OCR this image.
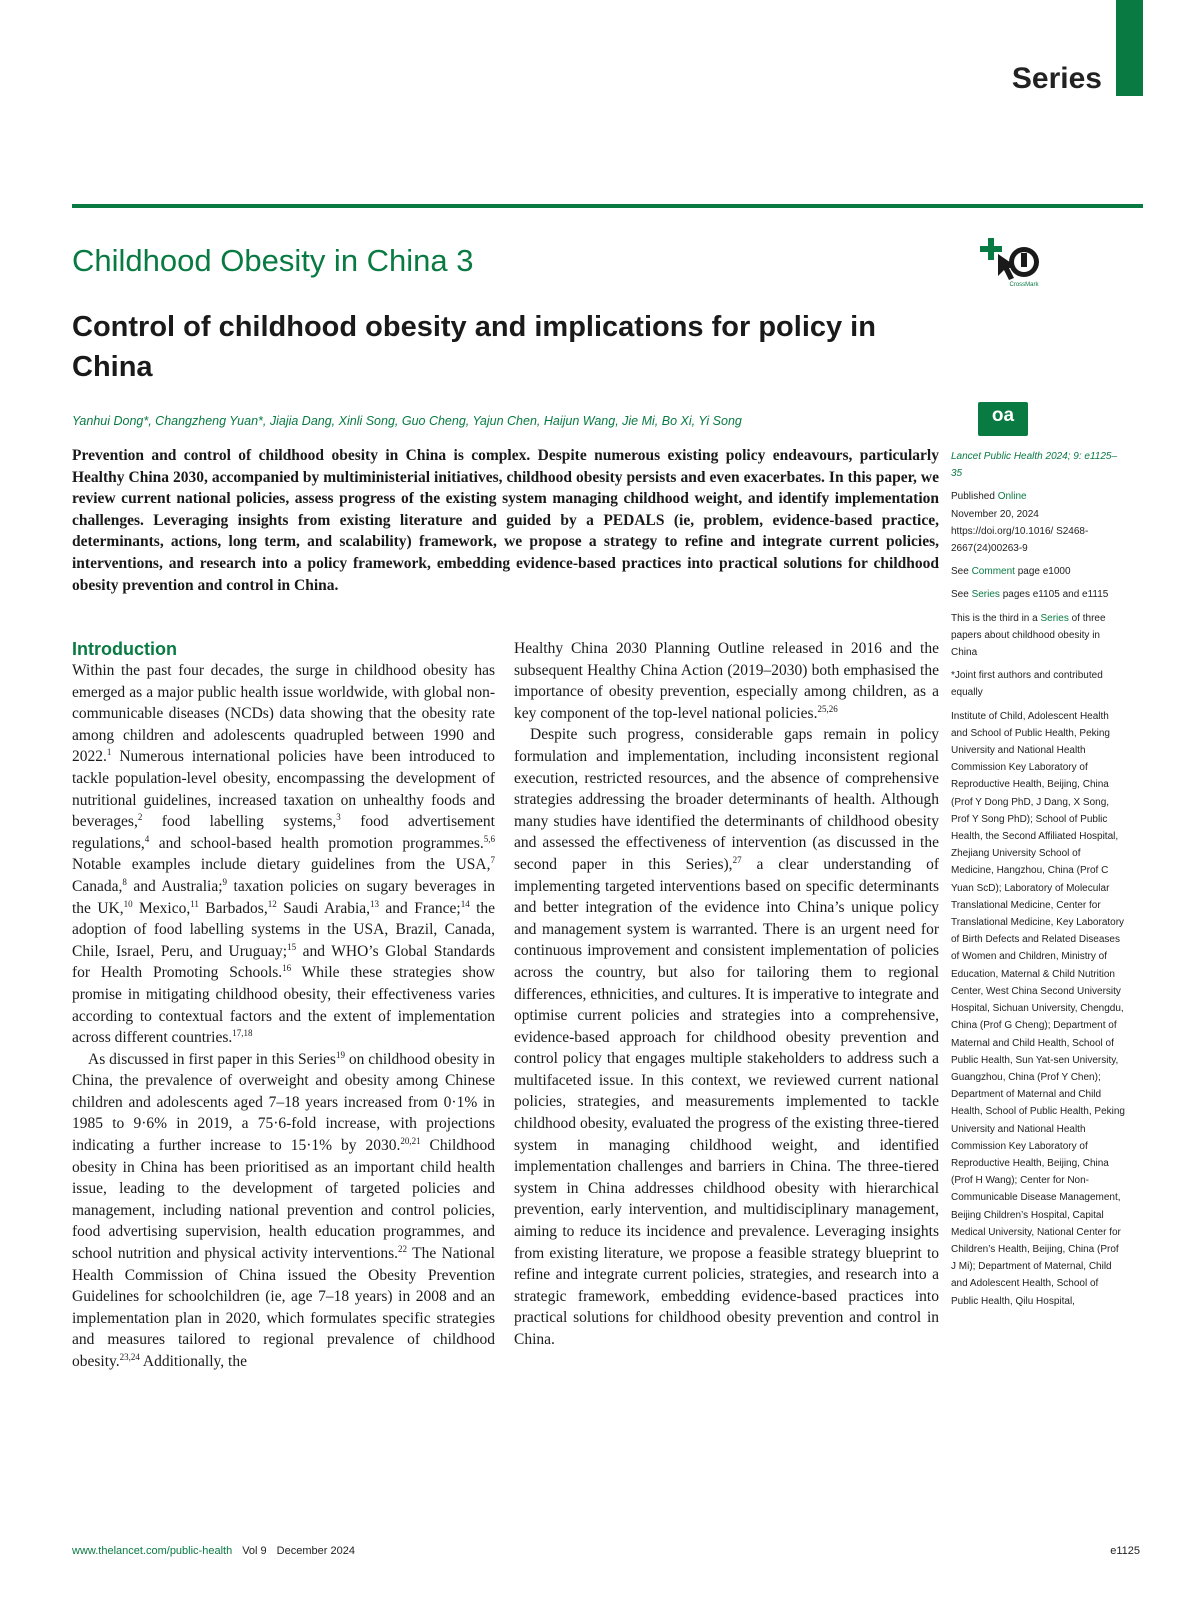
Series
Childhood Obesity in China 3
CrossMark
Control of childhood obesity and implications for policy in China
Yanhui Dong*, Changzheng Yuan*, Jiajia Dang, Xinli Song, Guo Cheng, Yajun Chen, Haijun Wang, Jie Mi, Bo Xi, Yi Song	oa

Prevention and control of childhood obesity in China is complex. Despite numerous existing policy endeavours, particularly Healthy China 2030, accompanied by multiministerial initiatives, childhood obesity persists and even exacerbates. In this paper, we review current national policies, assess progress of the existing system managing childhood weight, and identify implementation challenges. Leveraging insights from existing literature and guided by a PEDALS (ie, problem, evidence-based practice, determinants, actions, long term, and scalability) framework, we propose a strategy to refine and integrate current policies, interventions, and research into a policy framework, embedding evidence-based practices into practical solutions for childhood obesity prevention and control in China.

Introduction

Within the past four decades, the surge in childhood obesity has emerged as a major public health issue worldwide, with global non-communicable diseases (NCDs) data showing that the obesity rate among children and adolescents quadrupled between 1990 and 2022.$^1$ Numerous international policies have been introduced to tackle population-level obesity, encompassing the development of nutritional guidelines, increased taxation on unhealthy foods and beverages,$^2$ food labelling systems,$^3$ food advertisement regulations,$^4$ and school-based health promotion programmes.$^{5,6}$ Notable examples include dietary guidelines from the USA,$^7$ Canada,$^8$ and Australia;$^9$ taxation policies on sugary beverages in the UK,$^{10}$ Mexico,$^{11}$ Barbados,$^{12}$ Saudi Arabia,$^{13}$ and France;$^{14}$ the adoption of food labelling systems in the USA, Brazil, Canada, Chile, Israel, Peru, and Uruguay;$^{15}$ and WHO’s Global Standards for Health Promoting Schools.$^{16}$ While these strategies show promise in mitigating childhood obesity, their effectiveness varies according to contextual factors and the extent of implementation across different countries.$^{17,18}$

As discussed in first paper in this Series$^{19}$ on childhood obesity in China, the prevalence of overweight and obesity among Chinese children and adolescents aged 7–18 years increased from 0·1% in 1985 to 9·6% in 2019, a 75·6-fold increase, with projections indicating a further increase to 15·1% by 2030.$^{20,21}$ Childhood obesity in China has been prioritised as an important child health issue, leading to the development of targeted policies and management, including national prevention and control policies, food advertising supervision, health education programmes, and school nutrition and physical activity interventions.$^{22}$ The National Health Commission of China issued the Obesity Prevention Guidelines for schoolchildren (ie, age 7–18 years) in 2008 and an implementation plan in 2020, which formulates specific strategies and measures tailored to regional prevalence of childhood obesity.$^{23,24}$ Additionally, the

Healthy China 2030 Planning Outline released in 2016 and the subsequent Healthy China Action (2019–2030) both emphasised the importance of obesity prevention, especially among children, as a key component of the top-level national policies.$^{25,26}$

Despite such progress, considerable gaps remain in policy formulation and implementation, including inconsistent regional execution, restricted resources, and the absence of comprehensive strategies addressing the broader determinants of health. Although many studies have identified the determinants of childhood obesity and assessed the effectiveness of intervention (as discussed in the second paper in this Series),$^{27}$ a clear understanding of implementing targeted interventions based on specific determinants and better integration of the evidence into China’s unique policy and management system is warranted. There is an urgent need for continuous improvement and consistent implementation of policies across the country, but also for tailoring them to regional differences, ethnicities, and cultures. It is imperative to integrate and optimise current policies and strategies into a comprehensive, evidence-based approach for childhood obesity prevention and control policy that engages multiple stakeholders to address such a multifaceted issue. In this context, we reviewed current national policies, strategies, and measurements implemented to tackle childhood obesity, evaluated the progress of the existing three-tiered system in managing childhood weight, and identified implementation challenges and barriers in China. The three-tiered system in China addresses childhood obesity with hierarchical prevention, early intervention, and multidisciplinary management, aiming to reduce its incidence and prevalence. Leveraging insights from existing literature, we propose a feasible strategy blueprint to refine and integrate current policies, strategies, and research into a strategic framework, embedding evidence-based practices into practical solutions for childhood obesity prevention and control in China.

Lancet Public Health 2024; 9: e1125–35

Published Online
November 20, 2024 https://doi.org/10.1016/ S2468-2667(24)00263-9

See Comment page e1000

See Series pages e1105 and e1115

This is the third in a Series of three papers about childhood obesity in China

*Joint first authors and contributed equally

Institute of Child, Adolescent Health and School of Public Health, Peking University and National Health Commission Key Laboratory of Reproductive Health, Beijing, China (Prof Y Dong PhD, J Dang, X Song, Prof Y Song PhD); School of Public Health, the Second Affiliated Hospital, Zhejiang University School of Medicine, Hangzhou, China (Prof C Yuan ScD); Laboratory of Molecular Translational Medicine, Center for Translational Medicine, Key Laboratory of Birth Defects and Related Diseases of Women and Children, Ministry of Education, Maternal & Child Nutrition Center, West China Second University Hospital, Sichuan University, Chengdu, China (Prof G Cheng); Department of Maternal and Child Health, School of Public Health, Sun Yat-sen University, Guangzhou, China (Prof Y Chen); Department of Maternal and Child Health, School of Public Health, Peking University and National Health Commission Key Laboratory of Reproductive Health, Beijing, China (Prof H Wang); Center for Non-Communicable Disease Management, Beijing Children’s Hospital, Capital Medical University, National Center for Children’s Health, Beijing, China (Prof J Mi); Department of Maternal, Child and Adolescent Health, School of Public Health, Qilu Hospital,

www.thelancet.com/public-health Vol 9 December 2024	e1125
